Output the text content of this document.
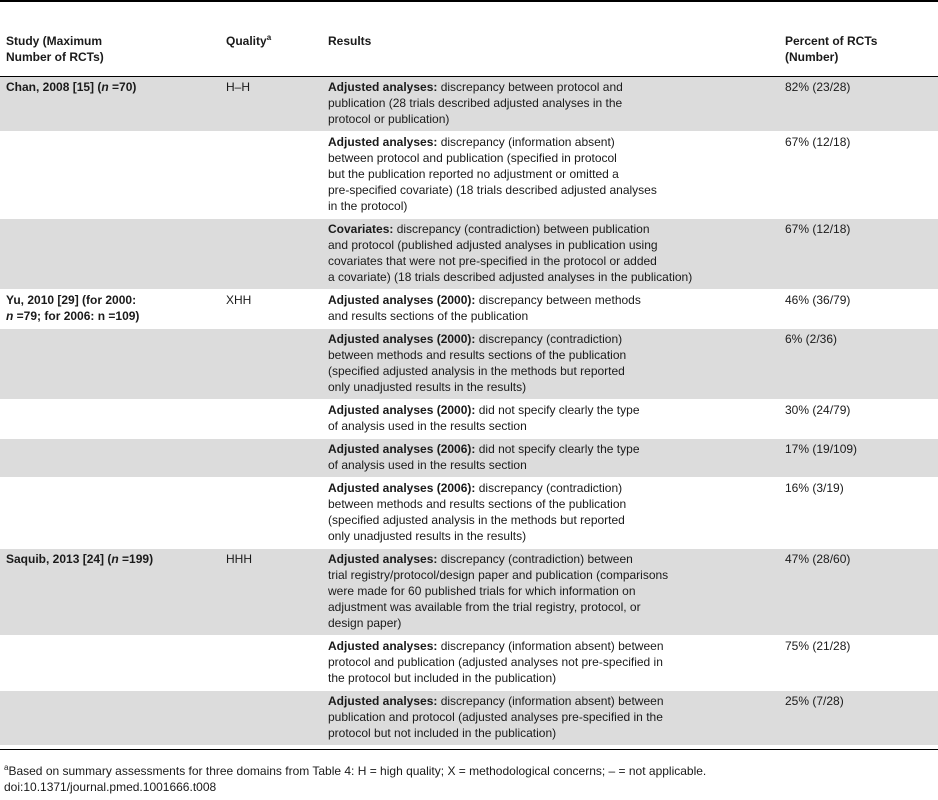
Study (Maximum
Number of RCTs)	Quality$^a$	Results	Percent of RCTs
(Number)
Chan, 2008 [15] (n =70)	H–H	Adjusted analyses: discrepancy between protocol and
publication (28 trials described adjusted analyses in the
protocol or publication)	82% (23/28)
		Adjusted analyses: discrepancy (information absent)
between protocol and publication (specified in protocol
but the publication reported no adjustment or omitted a
pre-specified covariate) (18 trials described adjusted analyses
in the protocol)	67% (12/18)
		Covariates: discrepancy (contradiction) between publication
and protocol (published adjusted analyses in publication using
covariates that were not pre-specified in the protocol or added
a covariate) (18 trials described adjusted analyses in the publication)	67% (12/18)
Yu, 2010 [29] (for 2000:
n =79; for 2006: n =109)	XHH	Adjusted analyses (2000): discrepancy between methods
and results sections of the publication	46% (36/79)
		Adjusted analyses (2000): discrepancy (contradiction)
between methods and results sections of the publication
(specified adjusted analysis in the methods but reported
only unadjusted results in the results)	6% (2/36)
		Adjusted analyses (2000): did not specify clearly the type
of analysis used in the results section	30% (24/79)
		Adjusted analyses (2006): did not specify clearly the type
of analysis used in the results section	17% (19/109)
		Adjusted analyses (2006): discrepancy (contradiction)
between methods and results sections of the publication
(specified adjusted analysis in the methods but reported
only unadjusted results in the results)	16% (3/19)
Saquib, 2013 [24] (n =199)	HHH	Adjusted analyses: discrepancy (contradiction) between
trial registry/protocol/design paper and publication (comparisons
were made for 60 published trials for which information on
adjustment was available from the trial registry, protocol, or
design paper)	47% (28/60)
		Adjusted analyses: discrepancy (information absent) between
protocol and publication (adjusted analyses not pre-specified in
the protocol but included in the publication)	75% (21/28)
		Adjusted analyses: discrepancy (information absent) between
publication and protocol (adjusted analyses pre-specified in the
protocol but not included in the publication)	25% (7/28)
$^a$Based on summary assessments for three domains from Table 4: H = high quality; X = methodological concerns; – = not applicable.
doi:10.1371/journal.pmed.1001666.t008
